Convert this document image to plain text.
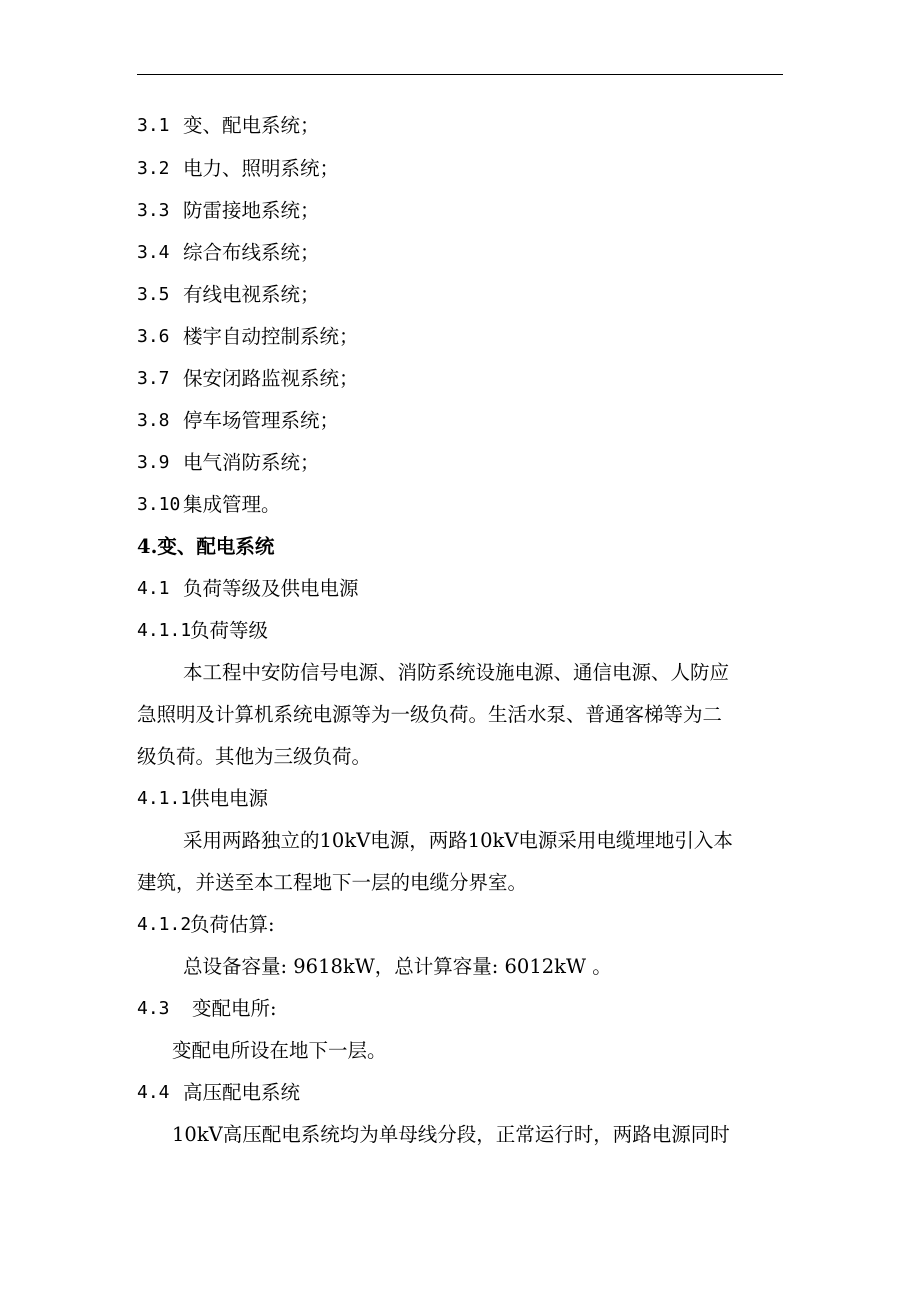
3.1 变、配电系统；
3.2 电力、照明系统；
3.3 防雷接地系统；
3.4 综合布线系统；
3.5 有线电视系统；
3.6 楼宇自动控制系统；
3.7 保安闭路监视系统；
3.8 停车场管理系统；
3.9 电气消防系统；
3.10 集成管理。
4.变、配电系统
4.1 负荷等级及供电电源
4.1.1
负荷等级
本工程中安防信号电源、消防系统设施电源、通信电源、人防应
急照明及计算机系统电源等为一级负荷。生活水泵、普通客梯等为二
级负荷。其他为三级负荷。
4.1.1
供电电源
采用两路独立的10kV电源，两路10kV电源采用电缆埋地引入本
建筑，并送至本工程地下一层的电缆分界室。
4.1.2
负荷估算:
总设备容量: 9618kW，总计算容量: 6012kW 。
4.3 变配电所:
变配电所设在地下一层。
4.4 高压配电系统
10kV高压配电系统均为单母线分段，正常运行时，两路电源同时
